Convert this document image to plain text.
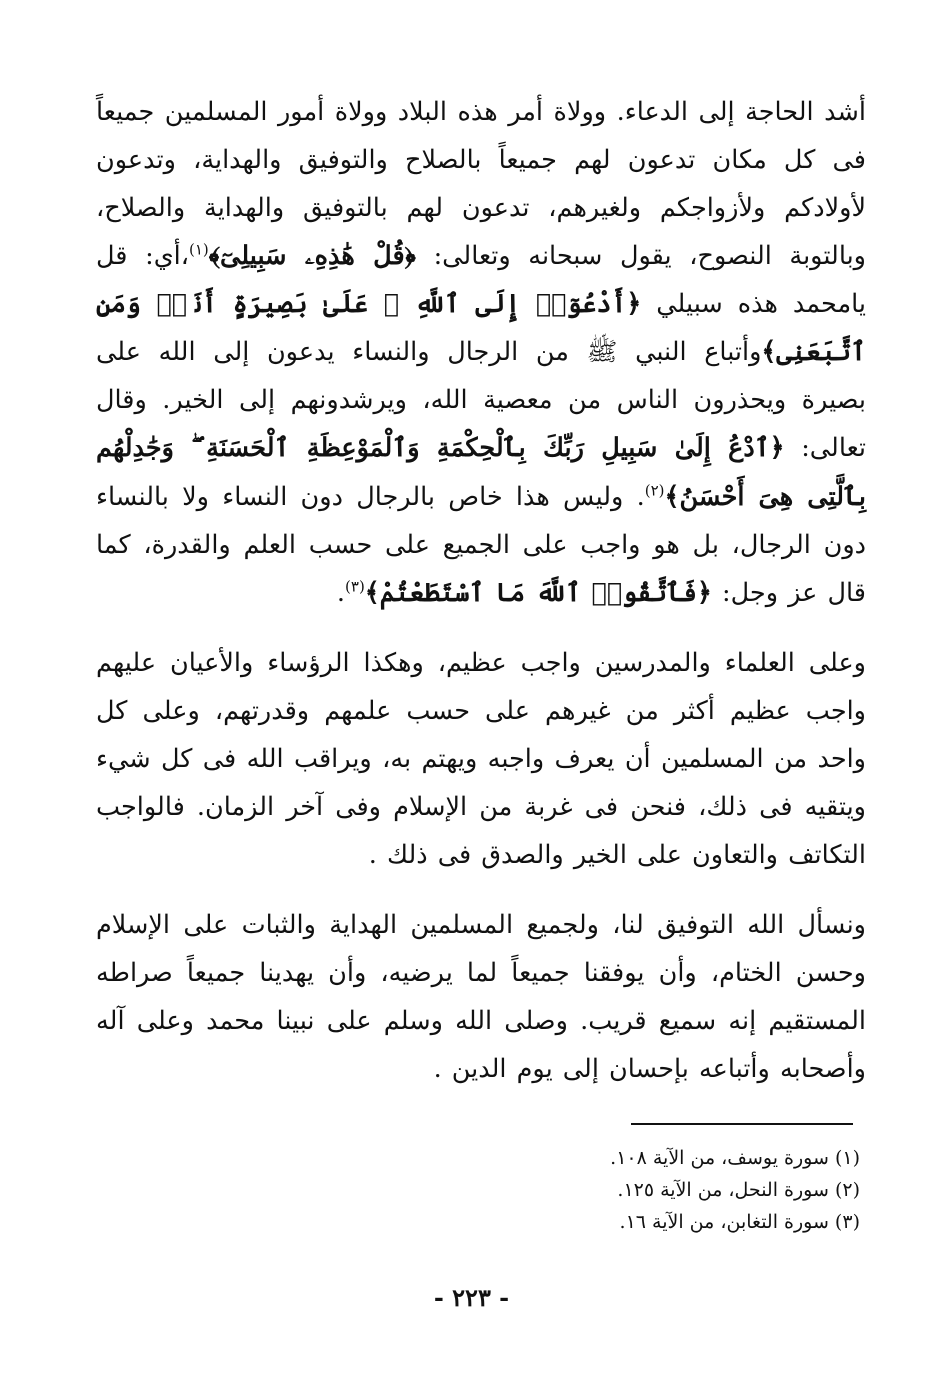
أشد الحاجة إلى الدعاء. وولاة أمر هذه البلاد وولاة أمور المسلمين جميعاً فى كل مكان تدعون لهم جميعاً بالصلاح والتوفيق والهداية، وتدعون لأولادكم ولأزواجكم ولغيرهم، تدعون لهم بالتوفيق والهداية والصلاح، وبالتوبة النصوح، يقول سبحانه وتعالى: ﴿قُلْ هَٰذِهِۦ سَبِيلِىٓ﴾$^{(١)}$،أي: قل يامحمد هذه سبيلي ﴿أَدْعُوٓا۟ إِلَى ٱللَّهِ ۚ عَلَىٰ بَصِيرَةٍ أَنَا۠ وَمَنِ ٱتَّبَعَنِى﴾وأتباع النبي ﷺ من الرجال والنساء يدعون إلى الله على بصيرة ويحذرون الناس من معصية الله، ويرشدونهم إلى الخير. وقال تعالى: ﴿ٱدْعُ إِلَىٰ سَبِيلِ رَبِّكَ بِٱلْحِكْمَةِ وَٱلْمَوْعِظَةِ ٱلْحَسَنَةِ ۖ وَجَٰدِلْهُم بِٱلَّتِى هِىَ أَحْسَنُ﴾$^{(٢)}$. وليس هذا خاص بالرجال دون النساء ولا بالنساء دون الرجال، بل هو واجب على الجميع على حسب العلم والقدرة، كما قال عز وجل: ﴿فَٱتَّقُوا۟ ٱللَّهَ مَا ٱسْتَطَعْتُمْ﴾$^{(٣)}$.

وعلى العلماء والمدرسين واجب عظيم، وهكذا الرؤساء والأعيان عليهم واجب عظيم أكثر من غيرهم على حسب علمهم وقدرتهم، وعلى كل واحد من المسلمين أن يعرف واجبه ويهتم به، ويراقب الله فى كل شيء ويتقيه فى ذلك، فنحن فى غربة من الإسلام وفى آخر الزمان. فالواجب التكاتف والتعاون على الخير والصدق فى ذلك .

ونسأل الله التوفيق لنا، ولجميع المسلمين الهداية والثبات على الإسلام وحسن الختام، وأن يوفقنا جميعاً لما يرضيه، وأن يهدينا جميعاً صراطه المستقيم إنه سميع قريب. وصلى الله وسلم على نبينا محمد وعلى آله وأصحابه وأتباعه بإحسان إلى يوم الدين .

(١) سورة يوسف، من الآية ١٠٨.

(٢) سورة النحل، من الآية ١٢٥.

(٣) سورة التغابن، من الآية ١٦.

- ٢٢٣ -
